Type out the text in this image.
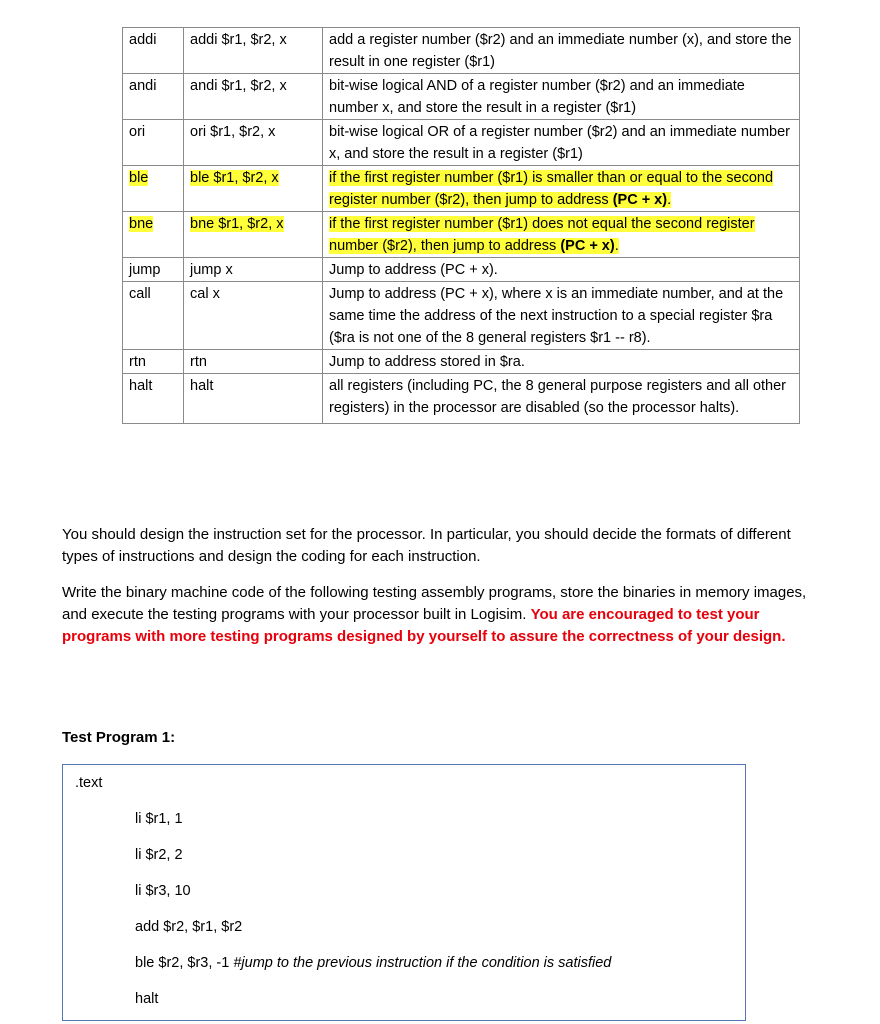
addi	addi $r1, $r2, x	add a register number ($r2) and an immediate number (x), and store the result in one register ($r1)
andi	andi $r1, $r2, x	bit-wise logical AND of a register number ($r2) and an immediate number x, and store the result in a register ($r1)
ori	ori $r1, $r2, x	bit-wise logical OR of a register number ($r2) and an immediate number x, and store the result in a register ($r1)
ble	ble $r1, $r2, x	if the first register number ($r1) is smaller than or equal to the second register number ($r2), then jump to address (PC + x).
bne	bne $r1, $r2, x	if the first register number ($r1) does not equal the second register number ($r2), then jump to address (PC + x).
jump	jump x	Jump to address (PC + x).
call	cal x	Jump to address (PC + x), where x is an immediate number, and at the same time the address of the next instruction to a special register $ra ($ra is not one of the 8 general registers $r1 -- r8).
rtn	rtn	Jump to address stored in $ra.
halt	halt	all registers (including PC, the 8 general purpose registers and all other registers) in the processor are disabled (so the processor halts).
You should design the instruction set for the processor. In particular, you should decide the formats of different types of instructions and design the coding for each instruction.
Write the binary machine code of the following testing assembly programs, store the binaries in memory images, and execute the testing programs with your processor built in Logisim. You are encouraged to test your programs with more testing programs designed by yourself to assure the correctness of your design.
Test Program 1:
.text
li $r1, 1
li $r2, 2
li $r3, 10
add $r2, $r1, $r2
ble $r2, $r3, -1 #jump to the previous instruction if the condition is satisfied
halt
